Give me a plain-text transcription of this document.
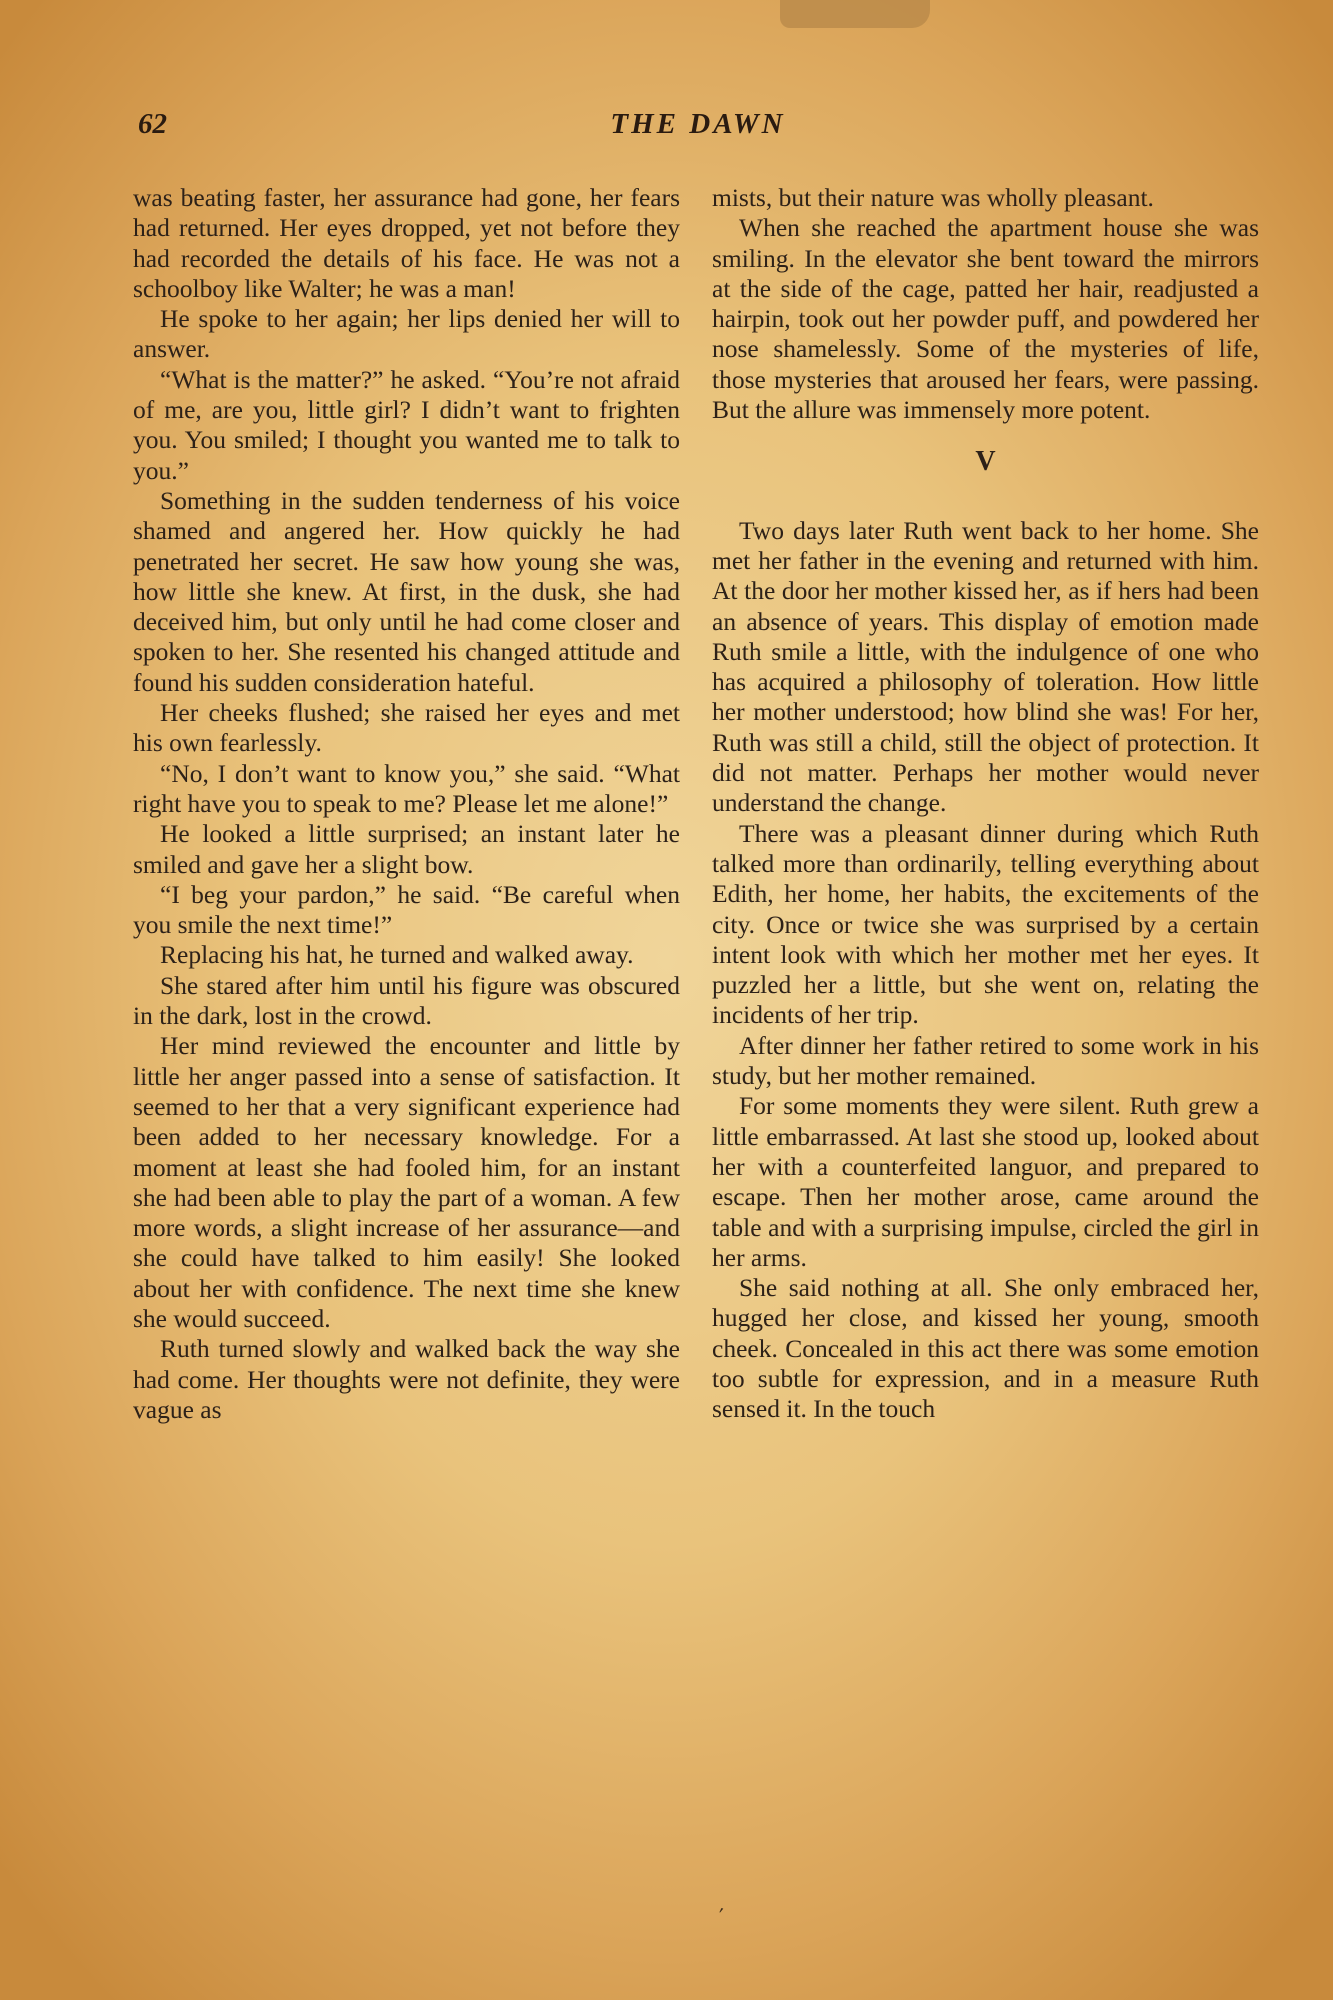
62	THE DAWN

was beating faster, her assurance had gone, her fears had returned. Her eyes dropped, yet not before they had recorded the details of his face. He was not a schoolboy like Walter; he was a man!

He spoke to her again; her lips denied her will to answer.

“What is the matter?” he asked. “You’re not afraid of me, are you, little girl? I didn’t want to frighten you. You smiled; I thought you wanted me to talk to you.”

Something in the sudden tenderness of his voice shamed and angered her. How quickly he had penetrated her secret. He saw how young she was, how little she knew. At first, in the dusk, she had deceived him, but only until he had come closer and spoken to her. She resented his changed attitude and found his sudden consideration hateful.

Her cheeks flushed; she raised her eyes and met his own fearlessly.

“No, I don’t want to know you,” she said. “What right have you to speak to me? Please let me alone!”

He looked a little surprised; an instant later he smiled and gave her a slight bow.

“I beg your pardon,” he said. “Be careful when you smile the next time!”

Replacing his hat, he turned and walked away.

She stared after him until his figure was obscured in the dark, lost in the crowd.

Her mind reviewed the encounter and little by little her anger passed into a sense of satisfaction. It seemed to her that a very significant experience had been added to her necessary knowledge. For a moment at least she had fooled him, for an instant she had been able to play the part of a woman. A few more words, a slight increase of her assurance—and she could have talked to him easily! She looked about her with confidence. The next time she knew she would succeed.

Ruth turned slowly and walked back the way she had come. Her thoughts were not definite, they were vague as

mists, but their nature was wholly pleasant.

When she reached the apartment house she was smiling. In the elevator she bent toward the mirrors at the side of the cage, patted her hair, readjusted a hairpin, took out her powder puff, and powdered her nose shamelessly. Some of the mysteries of life, those mysteries that aroused her fears, were passing. But the allure was immensely more potent.

V

Two days later Ruth went back to her home. She met her father in the evening and returned with him. At the door her mother kissed her, as if hers had been an absence of years. This display of emotion made Ruth smile a little, with the indulgence of one who has acquired a philosophy of toleration. How little her mother understood; how blind she was! For her, Ruth was still a child, still the object of protection. It did not matter. Perhaps her mother would never understand the change.

There was a pleasant dinner during which Ruth talked more than ordinarily, telling everything about Edith, her home, her habits, the excitements of the city. Once or twice she was surprised by a certain intent look with which her mother met her eyes. It puzzled her a little, but she went on, relating the incidents of her trip.

After dinner her father retired to some work in his study, but her mother remained.

For some moments they were silent. Ruth grew a little embarrassed. At last she stood up, looked about her with a counterfeited languor, and prepared to escape. Then her mother arose, came around the table and with a surprising impulse, circled the girl in her arms.

She said nothing at all. She only embraced her, hugged her close, and kissed her young, smooth cheek. Concealed in this act there was some emotion too subtle for expression, and in a measure Ruth sensed it. In the touch

′
